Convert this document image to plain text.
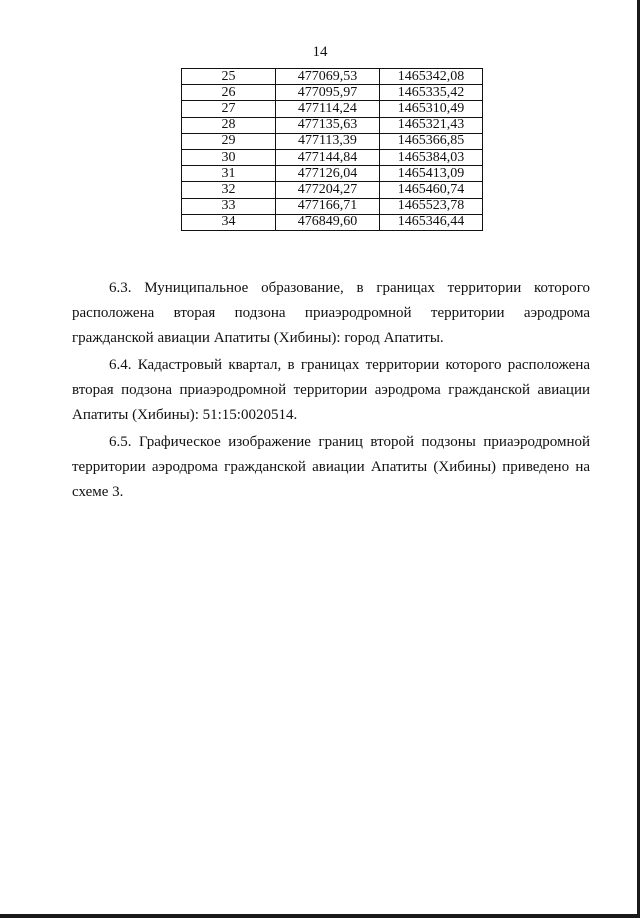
14
25	477069,53	1465342,08
26	477095,97	1465335,42
27	477114,24	1465310,49
28	477135,63	1465321,43
29	477113,39	1465366,85
30	477144,84	1465384,03
31	477126,04	1465413,09
32	477204,27	1465460,74
33	477166,71	1465523,78
34	476849,60	1465346,44

6.3. Муниципальное образование, в границах территории которого расположена вторая подзона приаэродромной территории аэродрома гражданской авиации Апатиты (Хибины): город Апатиты.

6.4. Кадастровый квартал, в границах территории которого расположена вторая подзона приаэродромной территории аэродрома гражданской авиации Апатиты (Хибины): 51:15:0020514.

6.5. Графическое изображение границ второй подзоны приаэродромной территории аэродрома гражданской авиации Апатиты (Хибины) приведено на схеме 3.
